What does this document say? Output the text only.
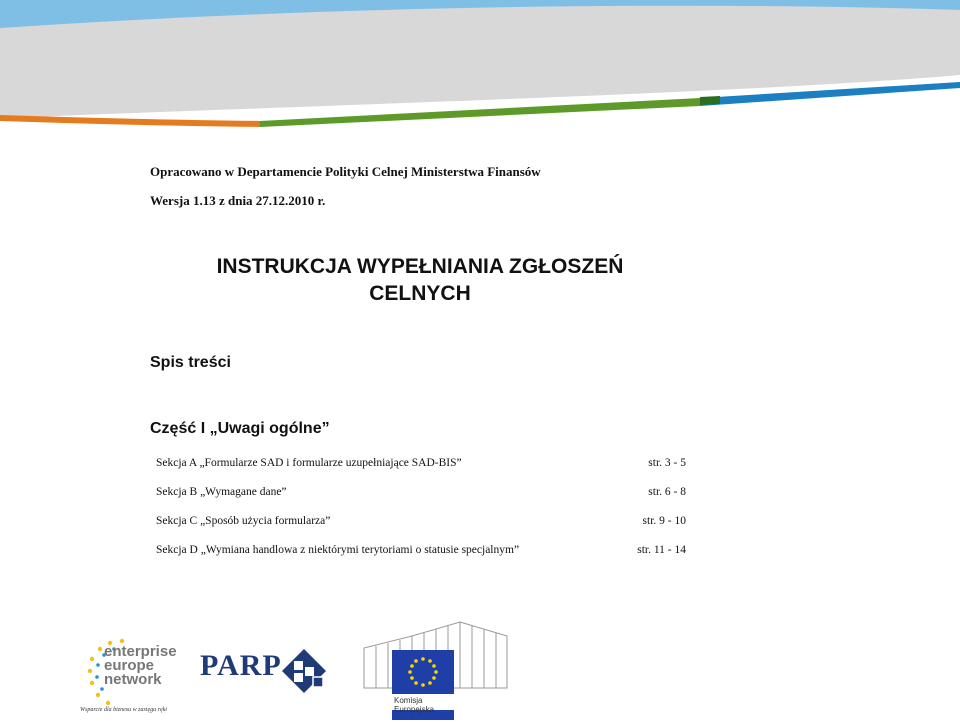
Opracowano w Departamencie Polityki Celnej Ministerstwa Finansów
Wersja 1.13 z dnia 27.12.2010 r.
INSTRUKCJA WYPEŁNIANIA ZGŁOSZEŃ
CELNYCH
Spis treści
Część I „Uwagi ogólne”
Sekcja A „Formularze SAD i formularze uzupełniające SAD-BIS”	str. 3 - 5
Sekcja B „Wymagane dane”	str. 6 - 8
Sekcja C „Sposób użycia formularza”	str. 9 - 10
Sekcja D „Wymiana handlowa z niektórymi terytoriami o statusie specjalnym”	str. 11 - 14
enterprise
europe
network
Wsparcie dla biznesu w zasięgu ręki
PARP
Komisja
Europejska
